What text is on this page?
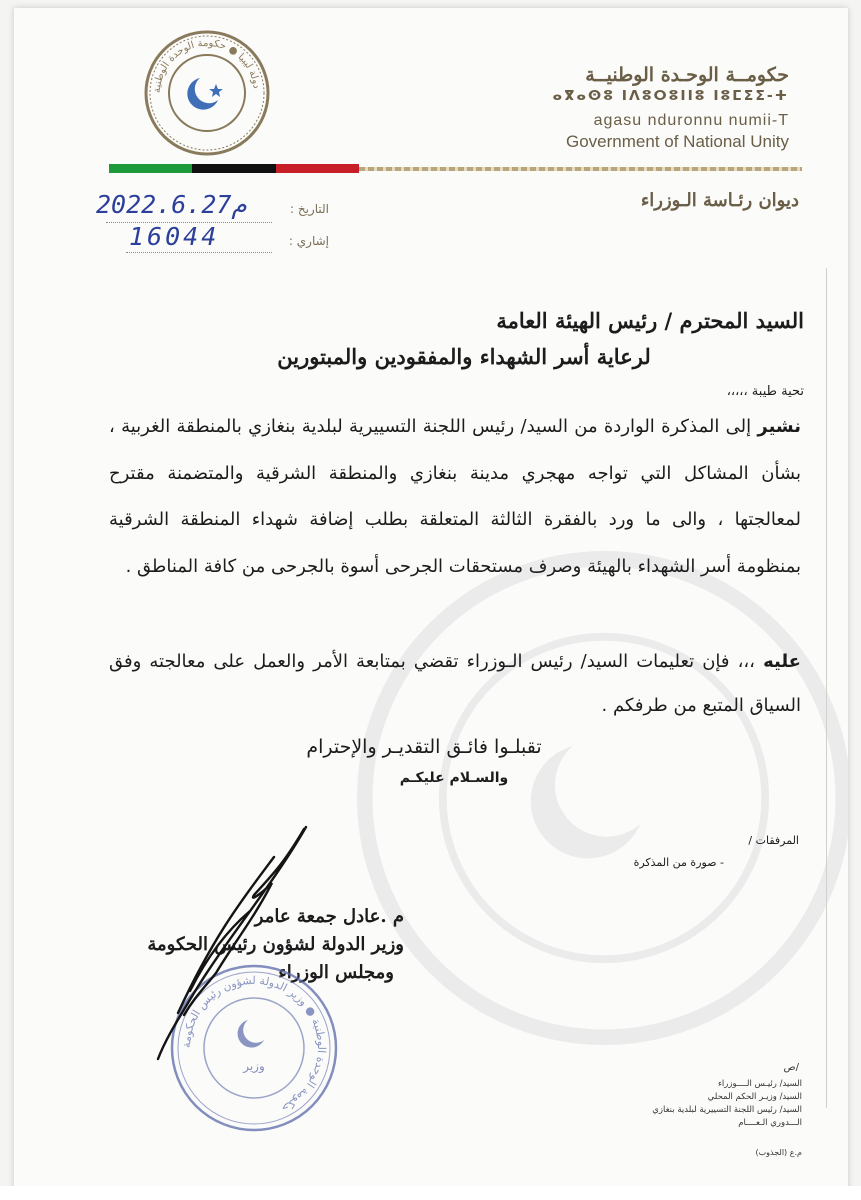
دولة ليبيا ● حكومة الوحدة الوطنية
حكومــة الوحـدة الوطنيــة
ⴰⴳⴰⵙⵓ ⵏⴷⵓⵔⵓⵏⵏⵓ ⵏⵓⵎⵉⵉ-ⵜ
agasu nduronnu numii-T
Government of National Unity
ديوان رئـاسة الـوزراء
التاريخ :
2022.6.27م
إشاري :
16044
السيد المحترم / رئيس الهيئة العامة
لرعاية أسر الشهداء والمفقودين والمبتورين
تحية طيبة ،،،،،
نشير إلى المذكرة الواردة من السيد/ رئيس اللجنة التسييرية لبلدية بنغازي بالمنطقة الغربية ، بشأن المشاكل التي تواجه مهجري مدينة بنغازي والمنطقة الشرقية والمتضمنة مقترح لمعالجتها ، والى ما ورد بالفقرة الثالثة المتعلقة بطلب إضافة شهداء المنطقة الشرقية بمنظومة أسر الشهداء بالهيئة وصرف مستحقات الجرحى أسوة بالجرحى من كافة المناطق .
عليه ،،، فإن تعليمات السيد/ رئيس الـوزراء تقضي بمتابعة الأمر والعمل على معالجته وفق السياق المتبع من طرفكم .
تقبلـوا فائـق التقديـر والإحترام
والسـلام عليكـم
المرفقات /
- صورة من المذكرة
م .عادل جمعة عامر
وزير الدولة لشؤون رئيس الحكومة
ومجلس الوزراء
حكومة الوحدة الوطنية ● وزير الدولة لشؤون رئيس الحكومة
وزير	ص/
السيد/ رئيـس الــــوزراء
السيد/ وزيـر الحكم المحلي
السيد/ رئيس اللجنة التسييرية لبلدية بنغازي
الـــدوري الـعــــام
م.ع (الجذوب)
